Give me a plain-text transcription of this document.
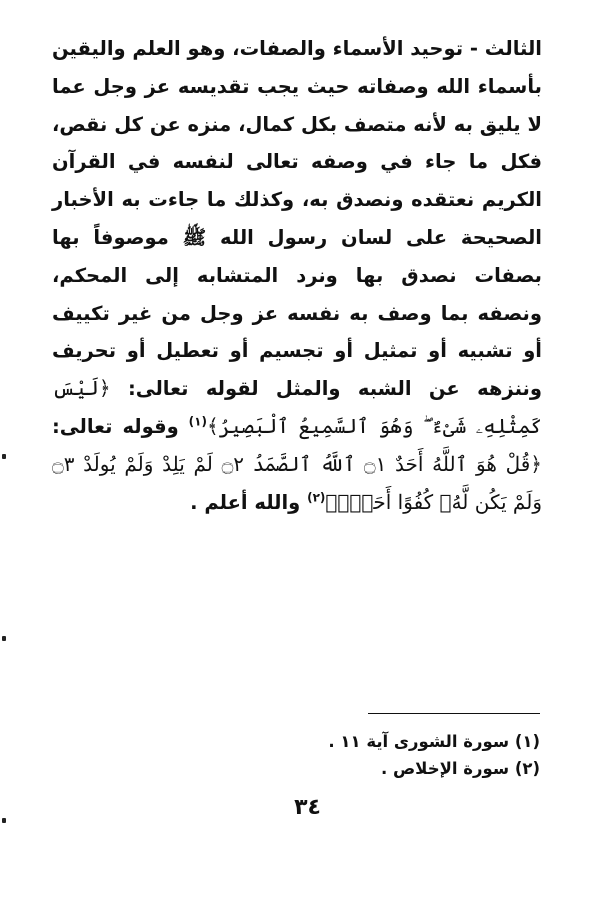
الثالث - توحيد الأسماء والصفات، وهو العلم واليقين بأسماء الله وصفاته حيث يجب تقديسه عز وجل عما لا يليق به لأنه متصف بكل كمال، منزه عن كل نقص، فكل ما جاء في وصفه تعالى لنفسه في القرآن الكريم نعتقده ونصدق به، وكذلك ما جاءت به الأخبار الصحيحة على لسان رسول الله ﷺ موصوفاً بها بصفات نصدق بها ونرد المتشابه إلى المحكم، ونصفه بما وصف به نفسه عز وجل من غير تكييف أو تشبيه أو تمثيل أو تجسيم أو تعطيل أو تحريف وننزهه عن الشبه والمثل لقوله تعالى: ﴿لَيْسَ كَمِثْلِهِۦ شَىْءٌ ۖ وَهُوَ ٱلسَّمِيعُ ٱلْبَصِيرُ﴾$^{(١)}$ وقوله تعالى: ﴿قُلْ هُوَ ٱللَّهُ أَحَدٌ ۝١ ٱللَّهُ ٱلصَّمَدُ ۝٢ لَمْ يَلِدْ وَلَمْ يُولَدْ ۝٣ وَلَمْ يَكُن لَّهُۥ كُفُوًا أَحَدٌۢ﴾$^{(٢)}$ والله أعلم .

(١) سورة الشورى آية ١١ .
(٢) سورة الإخلاص .
٣٤
